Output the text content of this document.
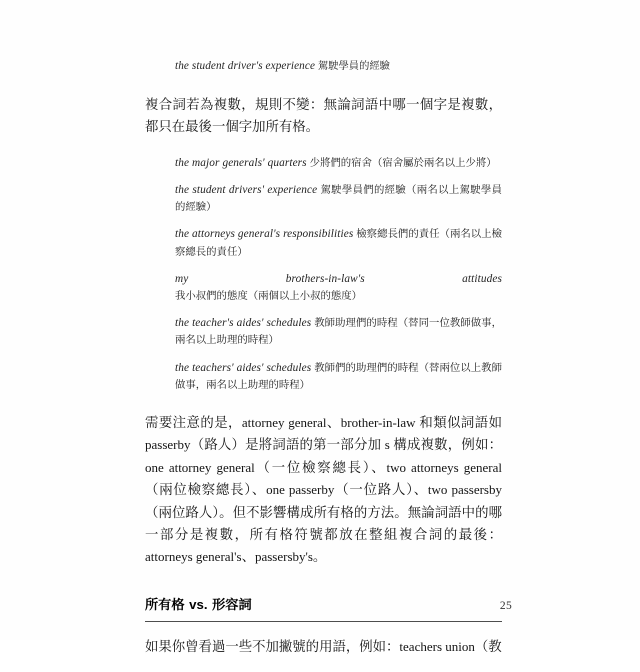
the student driver's experience 駕駛學員的經驗

複合詞若為複數，規則不變：無論詞語中哪一個字是複數，都只在最後一個字加所有格。

the major generals' quarters 少將們的宿舍（宿舍屬於兩名以上少將）
the student drivers' experience 駕駛學員們的經驗（兩名以上駕駛學員的經驗）
the attorneys general's responsibilities 檢察總長們的責任（兩名以上檢察總長的責任）
my brothers-in-law's attitudes 我小叔們的態度（兩個以上小叔的態度）
the teacher's aides' schedules 教師助理們的時程（替同一位教師做事，兩名以上助理的時程）
the teachers' aides' schedules 教師們的助理們的時程（替兩位以上教師做事，兩名以上助理的時程）

需要注意的是，attorney general、brother-in-law 和類似詞語如 passerby（路人）是將詞語的第一部分加 s 構成複數，例如：one attorney general（一位檢察總長）、two attorneys general（兩位檢察總長）、one passerby（一位路人）、two passersby（兩位路人）。但不影響構成所有格的方法。無論詞語中的哪一部分是複數，所有格符號都放在整組複合詞的最後：attorneys general's、passersby's。

所有格 vs. 形容詞

如果你曾看過一些不加撇號的用語，例如：teachers union（教

25
